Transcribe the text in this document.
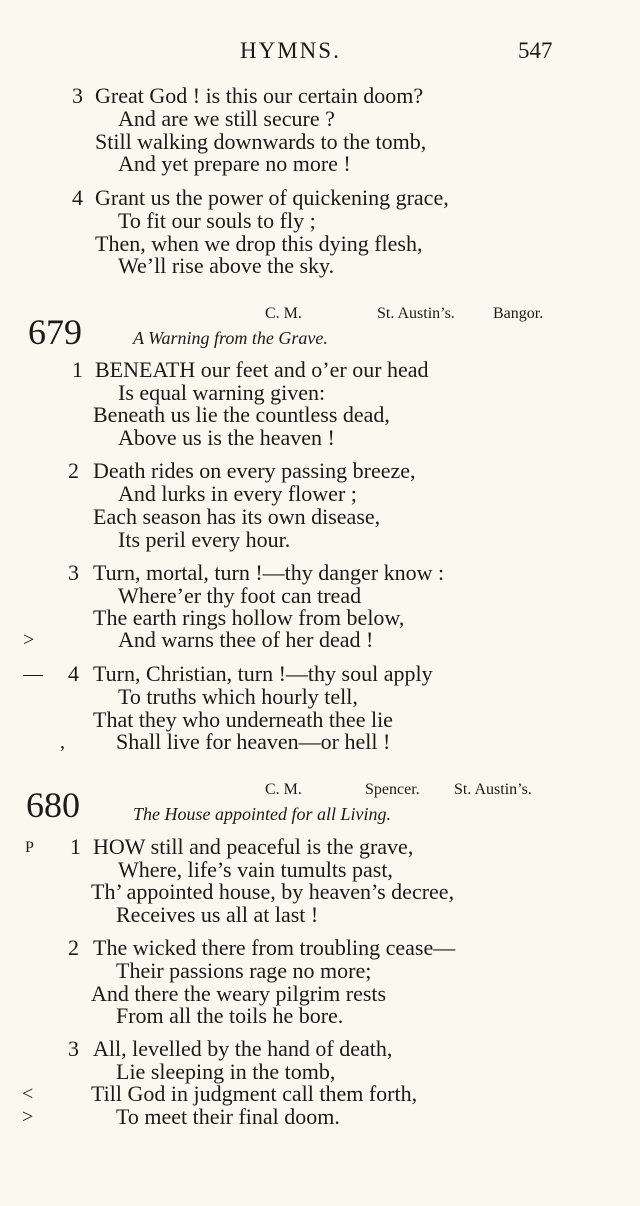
HYMNS.	547
3 Great God ! is this our certain doom?
And are we still secure ?
Still walking downwards to the tomb,
And yet prepare no more !
4 Grant us the power of quickening grace,
To fit our souls to fly ;
Then, when we drop this dying flesh,
We’ll rise above the sky.
C. M.	St. Austin’s. Bangor.
679	A Warning from the Grave.
1 BENEATH our feet and o’er our head
Is equal warning given:
Beneath us lie the countless dead,
Above us is the heaven !
2 Death rides on every passing breeze,
And lurks in every flower ;
Each season has its own disease,
Its peril every hour.
3 Turn, mortal, turn !—thy danger know :
Where’er thy foot can tread
The earth rings hollow from below,
>	And warns thee of her dead !
— 4 Turn, Christian, turn !—thy soul apply
To truths which hourly tell,
That they who underneath thee lie
, Shall live for heaven—or hell !
C. M.	Spencer. St. Austin’s.
680	The House appointed for all Living.
P 1 HOW still and peaceful is the grave,
Where, life’s vain tumults past,
Th’ appointed house, by heaven’s decree,
Receives us all at last !
2 The wicked there from troubling cease—
Their passions rage no more;
And there the weary pilgrim rests
From all the toils he bore.
3 All, levelled by the hand of death,
Lie sleeping in the tomb,
<	Till God in judgment call them forth,
>	To meet their final doom.
